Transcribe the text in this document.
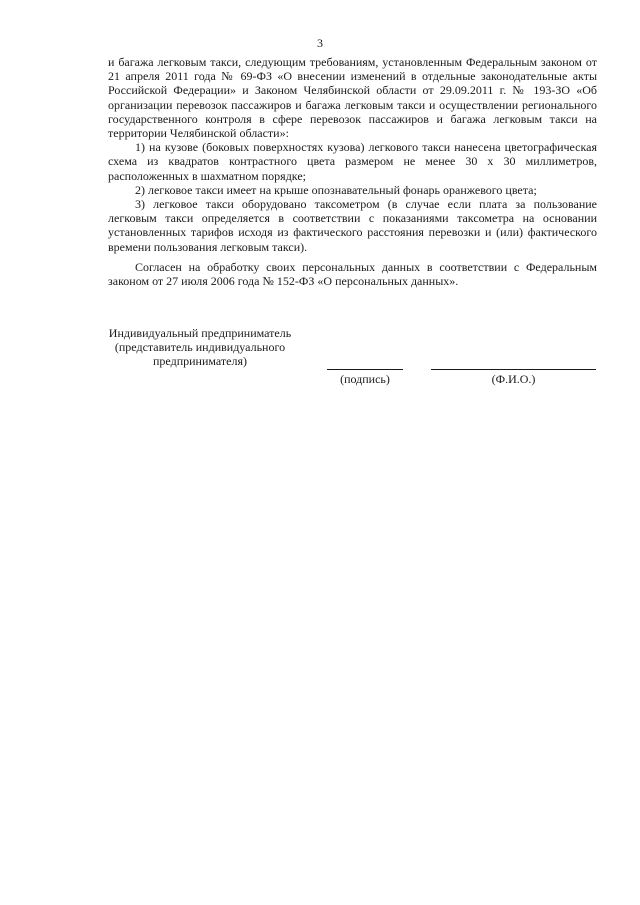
3

и багажа легковым такси, следующим требованиям, установленным Федеральным законом от 21 апреля 2011 года № 69-ФЗ «О внесении изменений в отдельные законодательные акты Российской Федерации» и Законом Челябинской области от 29.09.2011 г. № 193-ЗО «Об организации перевозок пассажиров и багажа легковым такси и осуществлении регионального государственного контроля в сфере перевозок пассажиров и багажа легковым такси на территории Челябинской области»:

1) на кузове (боковых поверхностях кузова) легкового такси нанесена цветографическая схема из квадратов контрастного цвета размером не менее 30 х 30 миллиметров, расположенных в шахматном порядке;

2) легковое такси имеет на крыше опознавательный фонарь оранжевого цвета;

3) легковое такси оборудовано таксометром (в случае если плата за пользование легковым такси определяется в соответствии с показаниями таксометра на основании установленных тарифов исходя из фактического расстояния перевозки и (или) фактического времени пользования легковым такси).

Согласен на обработку своих персональных данных в соответствии с Федеральным законом от 27 июля 2006 года № 152-ФЗ «О персональных данных».

Индивидуальный предприниматель
(представитель индивидуального
предпринимателя)
(подпись)	(Ф.И.О.)
